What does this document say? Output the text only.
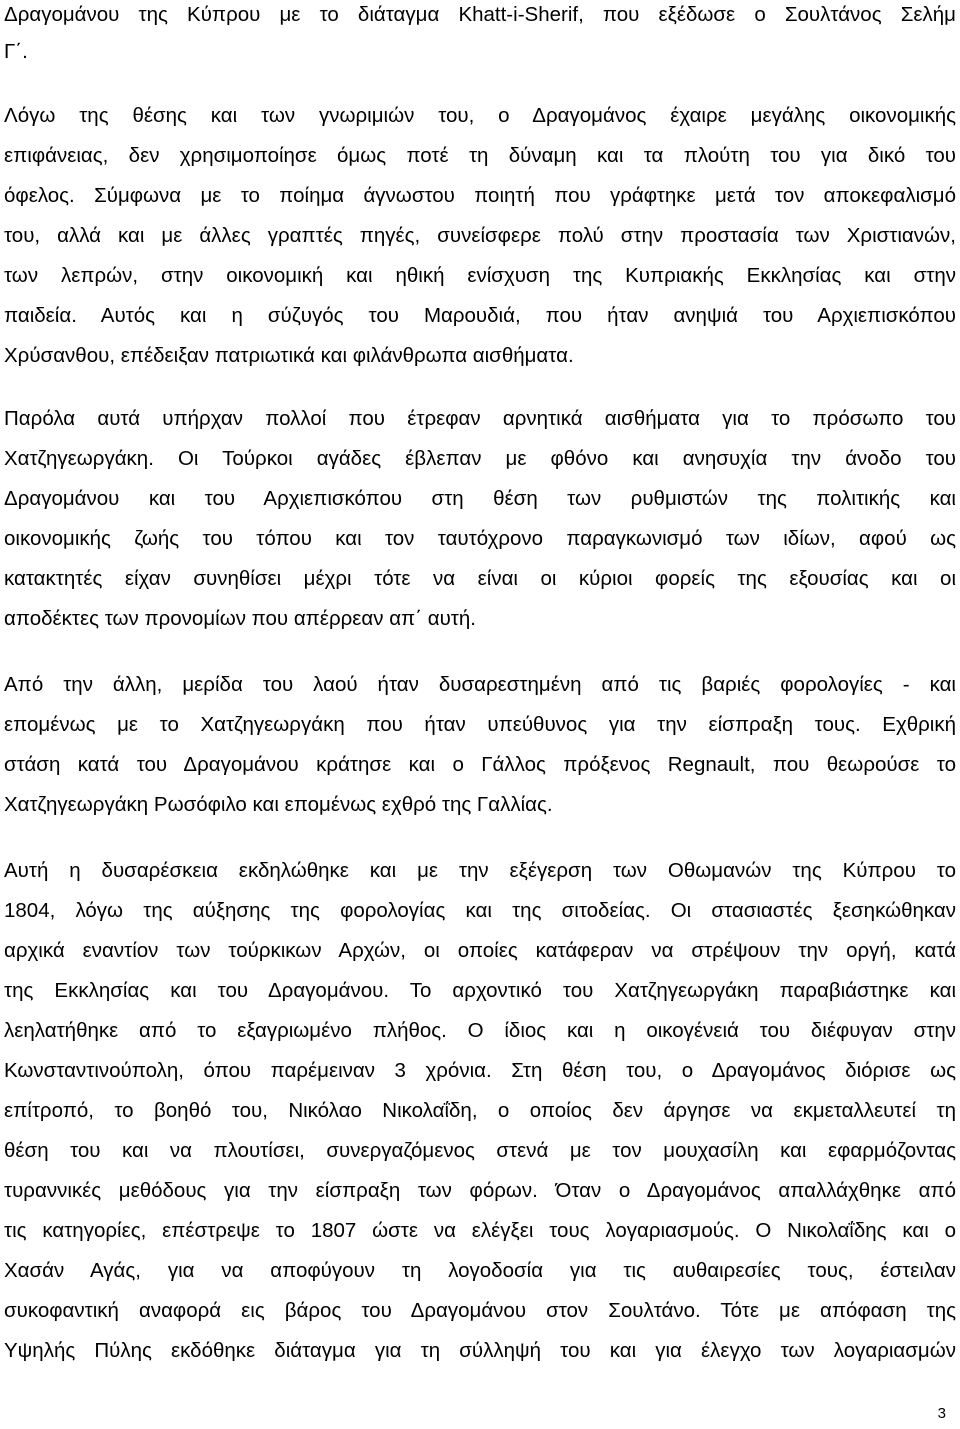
Δραγομάνου της Κύπρου με το διάταγμα Khatt-i-Sherif, που εξέδωσε ο Σουλτάνος Σελήμ
Γ΄.
Λόγω της θέσης και των γνωριμιών του, ο Δραγομάνος έχαιρε μεγάλης οικονομικής
επιφάνειας, δεν χρησιμοποίησε όμως ποτέ τη δύναμη και τα πλούτη του για δικό του
όφελος. Σύμφωνα με το ποίημα άγνωστου ποιητή που γράφτηκε μετά τον αποκεφαλισμό
του, αλλά και με άλλες γραπτές πηγές, συνείσφερε πολύ στην προστασία των Χριστιανών,
των λεπρών, στην οικονομική και ηθική ενίσχυση της Κυπριακής Εκκλησίας και στην
παιδεία. Αυτός και η σύζυγός του Μαρουδιά, που ήταν ανηψιά του Αρχιεπισκόπου
Χρύσανθου, επέδειξαν πατριωτικά και φιλάνθρωπα αισθήματα.
Παρόλα αυτά υπήρχαν πολλοί που έτρεφαν αρνητικά αισθήματα για το πρόσωπο του
Χατζηγεωργάκη. Οι Τούρκοι αγάδες έβλεπαν με φθόνο και ανησυχία την άνοδο του
Δραγομάνου και του Αρχιεπισκόπου στη θέση των ρυθμιστών της πολιτικής και
οικονομικής ζωής του τόπου και τον ταυτόχρονο παραγκωνισμό των ιδίων, αφού ως
κατακτητές είχαν συνηθίσει μέχρι τότε να είναι οι κύριοι φορείς της εξουσίας και οι
αποδέκτες των προνομίων που απέρρεαν απ΄ αυτή.
Από την άλλη, μερίδα του λαού ήταν δυσαρεστημένη από τις βαριές φορολογίες - και
επομένως με το Χατζηγεωργάκη που ήταν υπεύθυνος για την είσπραξη τους. Εχθρική
στάση κατά του Δραγομάνου κράτησε και ο Γάλλος πρόξενος Regnault, που θεωρούσε το
Χατζηγεωργάκη Ρωσόφιλο και επομένως εχθρό της Γαλλίας.
Αυτή η δυσαρέσκεια εκδηλώθηκε και με την εξέγερση των Οθωμανών της Κύπρου το
1804, λόγω της αύξησης της φορολογίας και της σιτοδείας. Οι στασιαστές ξεσηκώθηκαν
αρχικά εναντίον των τούρκικων Αρχών, οι οποίες κατάφεραν να στρέψουν την οργή, κατά
της Εκκλησίας και του Δραγομάνου. Το αρχοντικό του Χατζηγεωργάκη παραβιάστηκε και
λεηλατήθηκε από το εξαγριωμένο πλήθος. Ο ίδιος και η οικογένειά του διέφυγαν στην
Κωνσταντινούπολη, όπου παρέμειναν 3 χρόνια. Στη θέση του, ο Δραγομάνος διόρισε ως
επίτροπό, το βοηθό του, Νικόλαο Νικολαΐδη, ο οποίος δεν άργησε να εκμεταλλευτεί τη
θέση του και να πλουτίσει, συνεργαζόμενος στενά με τον μουχασίλη και εφαρμόζοντας
τυραννικές μεθόδους για την είσπραξη των φόρων. Όταν ο Δραγομάνος απαλλάχθηκε από
τις κατηγορίες, επέστρεψε το 1807 ώστε να ελέγξει τους λογαριασμούς. Ο Νικολαΐδης και ο
Χασάν Αγάς, για να αποφύγουν τη λογοδοσία για τις αυθαιρεσίες τους, έστειλαν
συκοφαντική αναφορά εις βάρος του Δραγομάνου στον Σουλτάνο. Τότε με απόφαση της
Υψηλής Πύλης εκδόθηκε διάταγμα για τη σύλληψή του και για έλεγχο των λογαριασμών
3
